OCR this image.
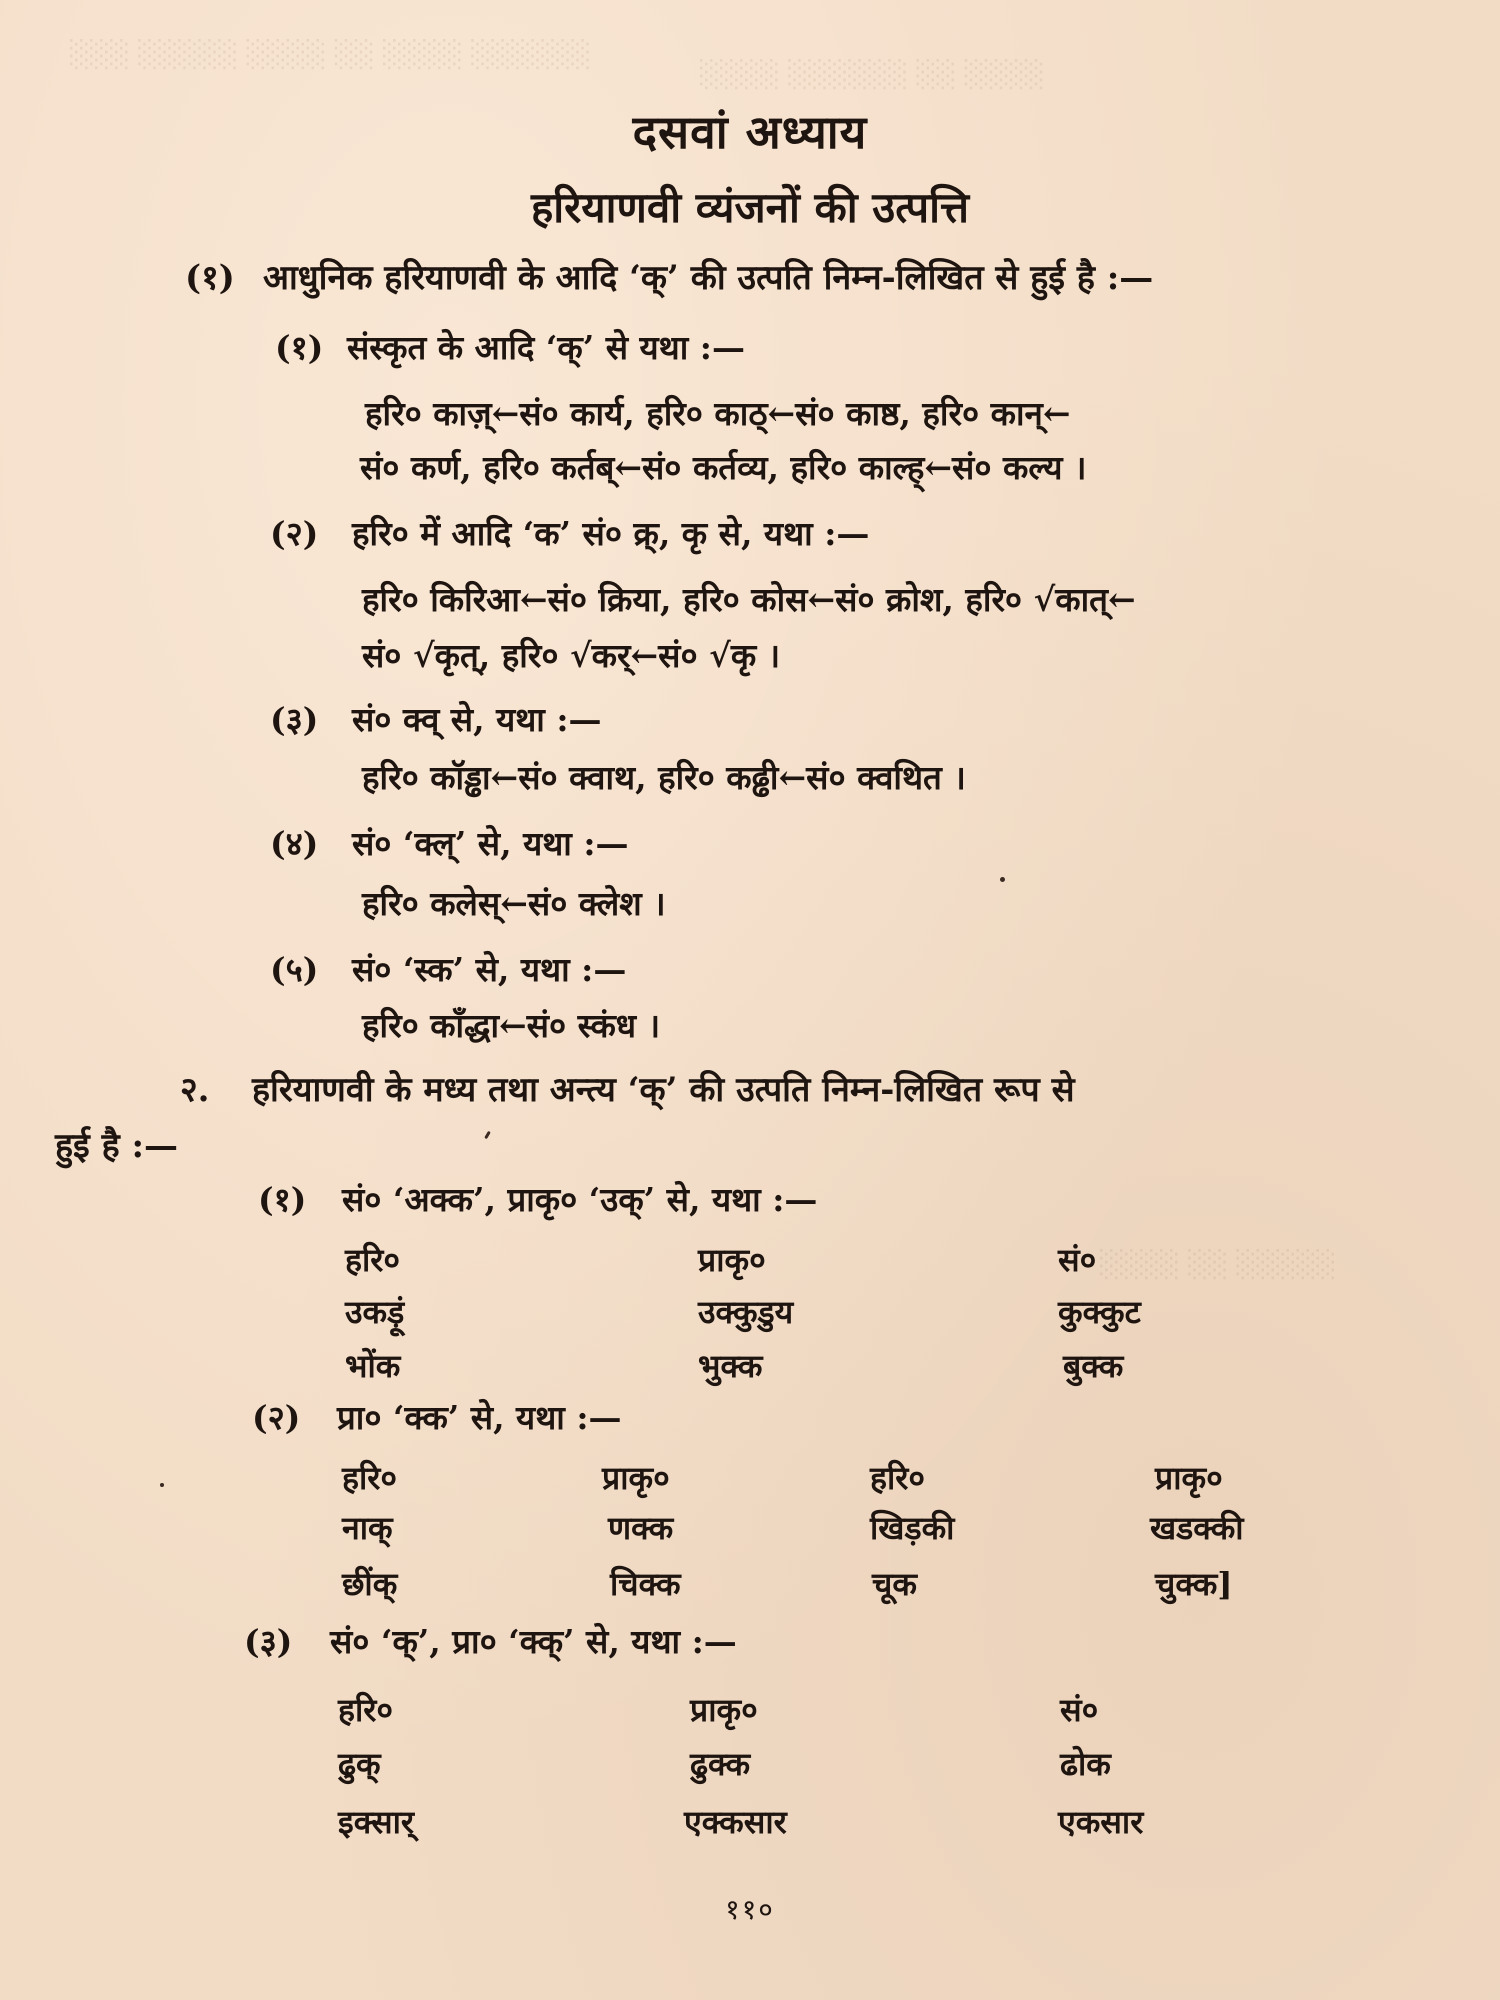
░░░ ░░░░░ ░░░░ ░░ ░░░░ ░░░░░░
░░░░ ░░░░░░ ░░ ░░░░
░░░░ ░░ ░░░░░
दसवां अध्याय
हरियाणवी व्यंजनों की उत्पत्ति
(१) आधुनिक हरियाणवी के आदि ‘क्’ की उत्पति निम्न-लिखित से हुई है :—
(१) संस्कृत के आदि ‘क्’ से यथा :—
हरि० काज़्←सं० कार्य, हरि० काठ्←सं० काष्ठ, हरि० कान्←
सं० कर्ण, हरि० कर्तब्←सं० कर्तव्य, हरि० काल्ह्←सं० कल्य ।
(२) हरि० में आदि ‘क’ सं० क्र्, कृ से, यथा :—
हरि० किरिआ←सं० क्रिया, हरि० कोस←सं० क्रोश, हरि० √कात्←
सं० √कृत्, हरि० √कर्←सं० √कृ ।
(३) सं० क्व् से, यथा :—
हरि० कॉड्ढा←सं० क्वाथ, हरि० कढ्ढी←सं० क्वथित ।
(४) सं० ‘क्ल्’ से, यथा :—
हरि० कलेस्←सं० क्लेश ।
(५) सं० ‘स्क’ से, यथा :—
हरि० काँद्धा←सं० स्कंध ।
२. हरियाणवी के मध्य तथा अन्त्य ‘क्’ की उत्पति निम्न-लिखित रूप से
हुई है :—
(१) सं० ‘अक्क’, प्राकृ० ‘उक्’ से, यथा :—
हरि०	प्राकृ०	सं०
उकड़ूं	उक्कुडुय	कुक्कुट
भोंक	भुक्क	बुक्क
(२) प्रा० ‘क्क’ से, यथा :—
हरि०	प्राकृ०	हरि०	प्राकृ०
नाक्	णक्क	खिड़की	खडक्की
छींक्	चिक्क	चूक	चुक्क]
(३) सं० ‘क्’, प्रा० ‘क्क्’ से, यथा :—
हरि०	प्राकृ०	सं०
ढुक्	ढुक्क	ढोक
इक्सार्	एक्कसार	एकसार
११०
